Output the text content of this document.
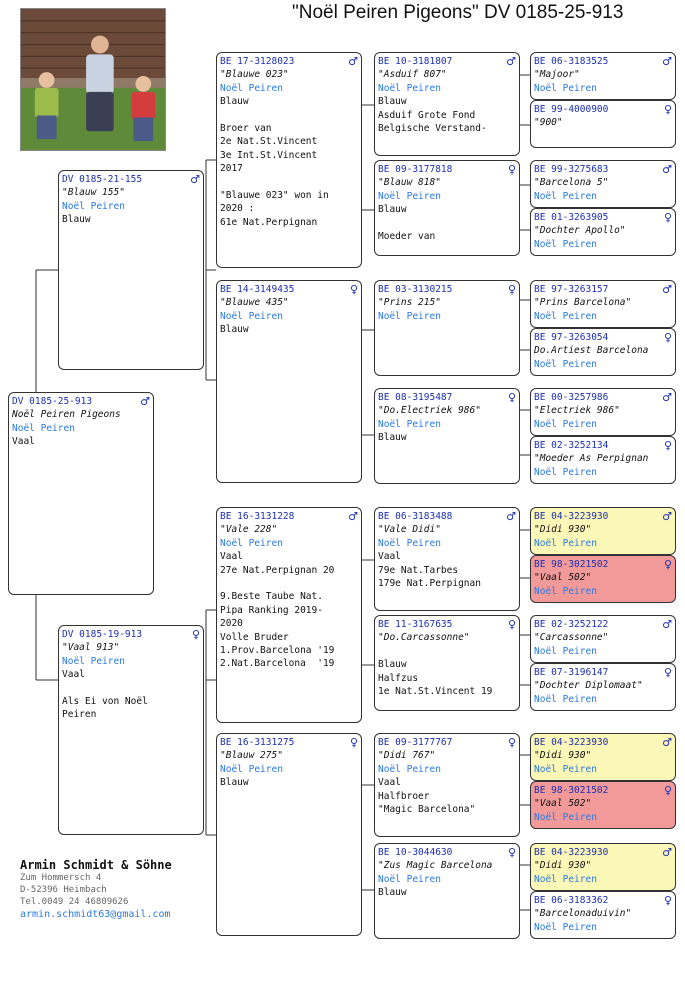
"Noël Peiren Pigeons" DV 0185-25-913
DV 0185-25-913	♂
Noël Peiren Pigeons
Noël Peiren
Vaal
DV 0185-21-155	♂
"Blauw 155"
Noël Peiren
Blauw
DV 0185-19-913	♀
"Vaal 913"
Noël Peiren
Vaal
Als Ei von Noël
Peiren
BE 17-3128023	♂
"Blauwe 023"
Noël Peiren
Blauw
Broer van
2e Nat.St.Vincent
3e Int.St.Vincent
2017
"Blauwe 023" won in
2020 :
61e Nat.Perpignan
BE 14-3149435	♀
"Blauwe 435"
Noël Peiren
Blauw
BE 16-3131228	♂
"Vale 228"
Noël Peiren
Vaal
27e Nat.Perpignan 20
9.Beste Taube Nat.
Pipa Ranking 2019-
2020
Volle Bruder
1.Prov.Barcelona '19
2.Nat.Barcelona  '19
BE 16-3131275	♀
"Blauw 275"
Noël Peiren
Blauw
BE 10-3181807	♂
"Asduif 807"
Noël Peiren
Blauw
Asduif Grote Fond
Belgische Verstand-
BE 09-3177818	♀
"Blauw 818"
Noël Peiren
Blauw
Moeder van
BE 03-3130215	♀
"Prins 215"
Noël Peiren
BE 08-3195487	♀
"Do.Electriek 986"
Noël Peiren
Blauw
BE 06-3183488	♂
"Vale Didi"
Noël Peiren
Vaal
79e Nat.Tarbes
179e Nat.Perpignan
BE 11-3167635	♀
"Do.Carcassonne"
Blauw
Halfzus
1e Nat.St.Vincent 19
BE 09-3177767	♀
"Didi 767"
Noël Peiren
Vaal
Halfbroer
"Magic Barcelona"
BE 10-3044630	♀
"Zus Magic Barcelona
Noël Peiren
Blauw
BE 06-3183525	♂
"Majoor"
Noël Peiren
BE 99-4000900	♀
"900"
BE 99-3275683	♂
"Barcelona 5"
Noël Peiren
BE 01-3263905	♀
"Dochter Apollo"
Noël Peiren
BE 97-3263157	♂
"Prins Barcelona"
Noël Peiren
BE 97-3263054	♀
Do.Artiest Barcelona
Noël Peiren
BE 00-3257986	♂
"Electriek 986"
Noël Peiren
BE 02-3252134	♀
"Moeder As Perpignan
Noël Peiren
BE 04-3223930	♂
"Didi 930"
Noël Peiren
BE 98-3021502	♀
"Vaal 502"
Noël Peiren
BE 02-3252122	♂
"Carcassonne"
Noël Peiren
BE 07-3196147	♀
"Dochter Diplomaat"
Noël Peiren
BE 04-3223930	♂
"Didi 930"
Noël Peiren
BE 98-3021502	♀
"Vaal 502"
Noël Peiren
BE 04-3223930	♂
"Didi 930"
Noël Peiren
BE 06-3183362	♀
"Barcelonaduivin"
Noël Peiren
Armin Schmidt & Söhne
Zum Hommersch 4
D-52396 Heimbach
Tel.0049 24 46809626
armin.schmidt63@gmail.com
